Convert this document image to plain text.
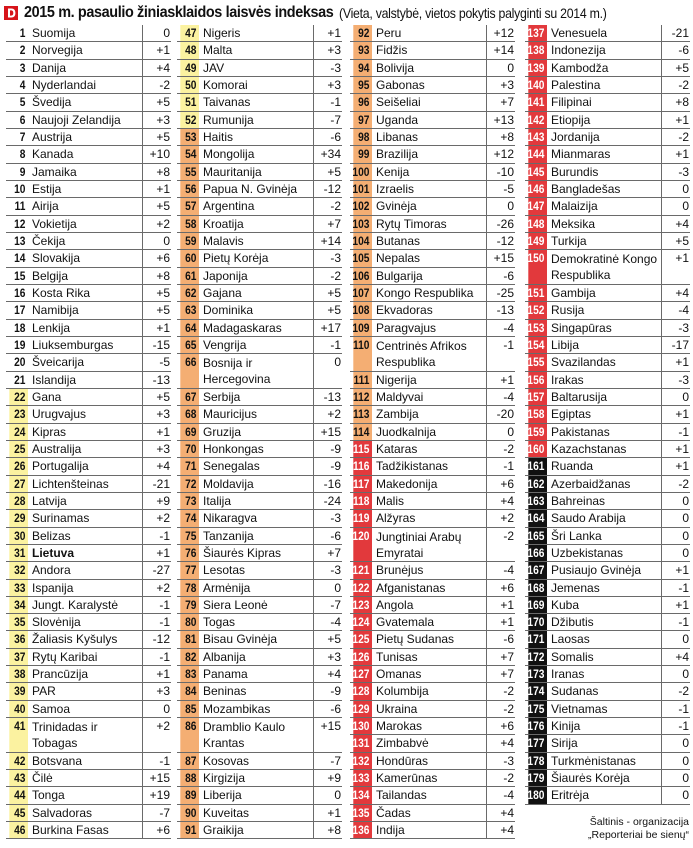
2015 m. pasaulio žiniasklaidos laisvės indeksas (Vieta, valstybė, vietos pokytis palyginti su 2014 m.)
1 Suomija	0
2 Norvegija	+1
3 Danija	+4
4 Nyderlandai	-2
5 Švedija	+5
6 Naujoji Zelandija	+3
7 Austrija	+5
8 Kanada	+10
9 Jamaika	+8
10 Estija	+1
11 Airija	+5
12 Vokietija	+2
13 Čekija	0
14 Slovakija	+6
15 Belgija	+8
16 Kosta Rika	+5
17 Namibija	+5
18 Lenkija	+1
19 Liuksemburgas	-15
20 Šveicarija	-5
21 Islandija	-13
22 Gana	+5
23 Urugvajus	+3
24 Kipras	+1
25 Australija	+3
26 Portugalija	+4
27 Lichtenšteinas	-21
28 Latvija	+9
29 Surinamas	+2
30 Belizas	-1
31 Lietuva	+1
32 Andora	-27
33 Ispanija	+2
34 Jungt. Karalystė	-1
35 Slovėnija	-1
36 Žaliasis Kyšulys	-12
37 Rytų Karibai	-1
38 Prancūzija	+1
39 PAR	+3
40 Samoa	0
41 Trinidadas ir Tobagas
+2
42 Botsvana	-1
43 Čilė	+15
44 Tonga	+19
45 Salvadoras	-7
46 Burkina Fasas	+6
47 Nigeris	+1
48 Malta	+3
49 JAV	-3
50 Komorai	+3
51 Taivanas	-1
52 Rumunija	-7
53 Haitis	-6
54 Mongolija	+34
55 Mauritanija	+5
56 Papua N. Gvinėja	-12
57 Argentina	-2
58 Kroatija	+7
59 Malavis	+14
60 Pietų Korėja	-3
61 Japonija	-2
62 Gajana	+5
63 Dominika	+5
64 Madagaskaras	+17
65 Vengrija	-1
66 Bosnija ir Hercegovina
0
67 Serbija	-13
68 Mauricijus	+2
69 Gruzija	+15
70 Honkongas	-9
71 Senegalas	-9
72 Moldavija	-16
73 Italija	-24
74 Nikaragva	-3
75 Tanzanija	-6
76 Šiaurės Kipras	+7
77 Lesotas	-3
78 Armėnija	0
79 Siera Leonė	-7
80 Togas	-4
81 Bisau Gvinėja	+5
82 Albanija	+3
83 Panama	+4
84 Beninas	-9
85 Mozambikas	-6
86 Dramblio Kaulo Krantas
+15
87 Kosovas	-7
88 Kirgizija	+9
89 Liberija	0
90 Kuveitas	+1
91 Graikija	+8
92 Peru	+12
93 Fidžis	+14
94 Bolivija	0
95 Gabonas	+3
96 Seišeliai	+7
97 Uganda	+13
98 Libanas	+8
99 Brazilija	+12
100 Kenija	-10
101 Izraelis	-5
102 Gvinėja	0
103 Rytų Timoras	-26
104 Butanas	-12
105 Nepalas	+15
106 Bulgarija	-6
107 Kongo Respublika	-25
108 Ekvadoras	-13
109 Paragvajus	-4
110 Centrinės Afrikos Respublika
-1
111 Nigerija	+1
112 Maldyvai	-4
113 Zambija	-20
114 Juodkalnija	0
115 Kataras	-2
116 Tadžikistanas	-1
117 Makedonija	+6
118 Malis	+4
119 Alžyras	+2
120 Jungtiniai Arabų Emyratai
-2
121 Brunėjus	-4
122 Afganistanas	+6
123 Angola	+1
124 Gvatemala	+1
125 Pietų Sudanas	-6
126 Tunisas	+7
127 Omanas	+7
128 Kolumbija	-2
129 Ukraina	-2
130 Marokas	+6
131 Zimbabvė	+4
132 Hondūras	-3
133 Kamerūnas	-2
134 Tailandas	-4
135 Čadas	+4
136 Indija	+4
137 Venesuela	-21
138 Indonezija	-6
139 Kambodža	+5
140 Palestina	-2
141 Filipinai	+8
142 Etiopija	+1
143 Jordanija	-2
144 Mianmaras	+1
145 Burundis	-3
146 Bangladešas	0
147 Malaizija	0
148 Meksika	+4
149 Turkija	+5
150 Demokratinė Kongo Respublika
+1
151 Gambija	+4
152 Rusija	-4
153 Singapūras	-3
154 Libija	-17
155 Svazilandas	+1
156 Irakas	-3
157 Baltarusija	0
158 Egiptas	+1
159 Pakistanas	-1
160 Kazachstanas	+1
161 Ruanda	+1
162 Azerbaidžanas	-2
163 Bahreinas	0
164 Saudo Arabija	0
165 Šri Lanka	0
166 Uzbekistanas	0
167 Pusiaujo Gvinėja	+1
168 Jemenas	-1
169 Kuba	+1
170 Džibutis	-1
171 Laosas	0
172 Somalis	+4
173 Iranas	0
174 Sudanas	-2
175 Vietnamas	-1
176 Kinija	-1
177 Sirija	0
178 Turkmėnistanas	0
179 Šiaurės Korėja	0
180 Eritrėja	0
Šaltinis - organizacija
„Reporteriai be sienų“
